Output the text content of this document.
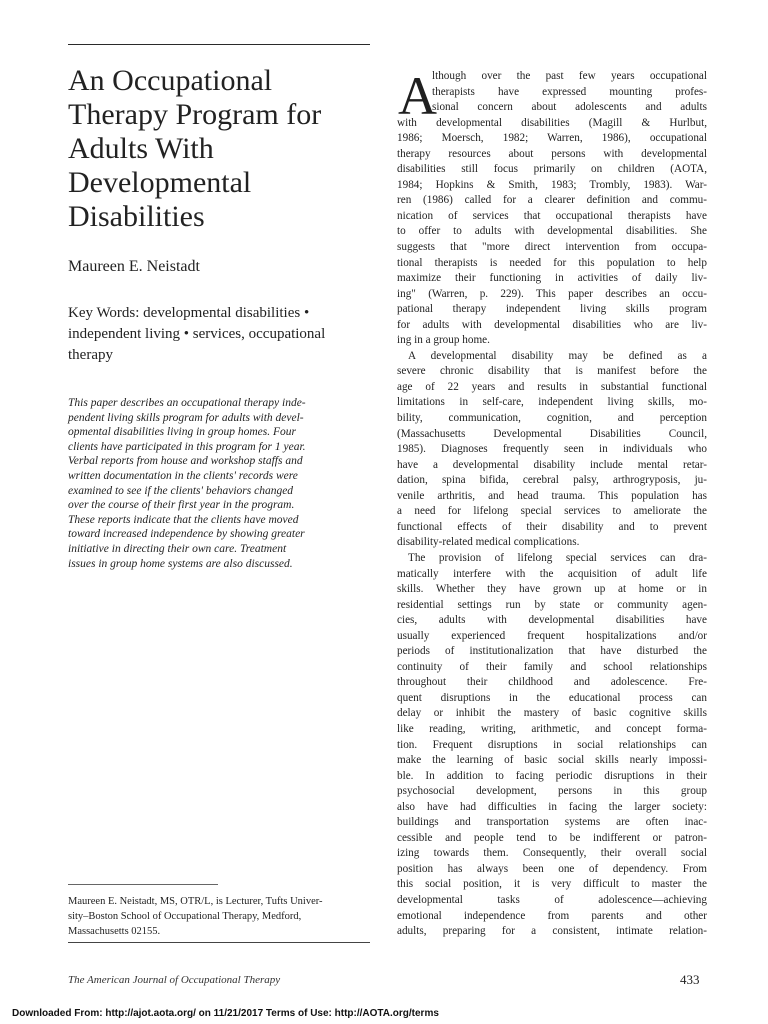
An Occupational
Therapy Program for
Adults With
Developmental
Disabilities
Maureen E. Neistadt
Key Words: developmental disabilities •
independent living • services, occupational
therapy
This paper describes an occupational therapy inde-
pendent living skills program for adults with devel-
opmental disabilities living in group homes. Four
clients have participated in this program for 1 year.
Verbal reports from house and workshop staffs and
written documentation in the clients' records were
examined to see if the clients' behaviors changed
over the course of their first year in the program.
These reports indicate that the clients have moved
toward increased independence by showing greater
initiative in directing their own care. Treatment
issues in group home systems are also discussed.
Maureen E. Neistadt, MS, OTR/L, is Lecturer, Tufts Univer-
sity–Boston School of Occupational Therapy, Medford,
Massachusetts 02155.
A
lthough over the past few years occupational
therapists have expressed mounting profes-
sional concern about adolescents and adults
with developmental disabilities (Magill & Hurlbut,
1986; Moersch, 1982; Warren, 1986), occupational
therapy resources about persons with developmental
disabilities still focus primarily on children (AOTA,
1984; Hopkins & Smith, 1983; Trombly, 1983). War-
ren (1986) called for a clearer definition and commu-
nication of services that occupational therapists have
to offer to adults with developmental disabilities. She
suggests that "more direct intervention from occupa-
tional therapists is needed for this population to help
maximize their functioning in activities of daily liv-
ing" (Warren, p. 229). This paper describes an occu-
pational therapy independent living skills program
for adults with developmental disabilities who are liv-
ing in a group home.
A developmental disability may be defined as a
severe chronic disability that is manifest before the
age of 22 years and results in substantial functional
limitations in self-care, independent living skills, mo-
bility, communication, cognition, and perception
(Massachusetts Developmental Disabilities Council,
1985). Diagnoses frequently seen in individuals who
have a developmental disability include mental retar-
dation, spina bifida, cerebral palsy, arthrogryposis, ju-
venile arthritis, and head trauma. This population has
a need for lifelong special services to ameliorate the
functional effects of their disability and to prevent
disability-related medical complications.
The provision of lifelong special services can dra-
matically interfere with the acquisition of adult life
skills. Whether they have grown up at home or in
residential settings run by state or community agen-
cies, adults with developmental disabilities have
usually experienced frequent hospitalizations and/or
periods of institutionalization that have disturbed the
continuity of their family and school relationships
throughout their childhood and adolescence. Fre-
quent disruptions in the educational process can
delay or inhibit the mastery of basic cognitive skills
like reading, writing, arithmetic, and concept forma-
tion. Frequent disruptions in social relationships can
make the learning of basic social skills nearly impossi-
ble. In addition to facing periodic disruptions in their
psychosocial development, persons in this group
also have had difficulties in facing the larger society:
buildings and transportation systems are often inac-
cessible and people tend to be indifferent or patron-
izing towards them. Consequently, their overall social
position has always been one of dependency. From
this social position, it is very difficult to master the
developmental tasks of adolescence—achieving
emotional independence from parents and other
adults, preparing for a consistent, intimate relation-
The American Journal of Occupational Therapy	433
Downloaded From: http://ajot.aota.org/ on 11/21/2017 Terms of Use: http://AOTA.org/terms
